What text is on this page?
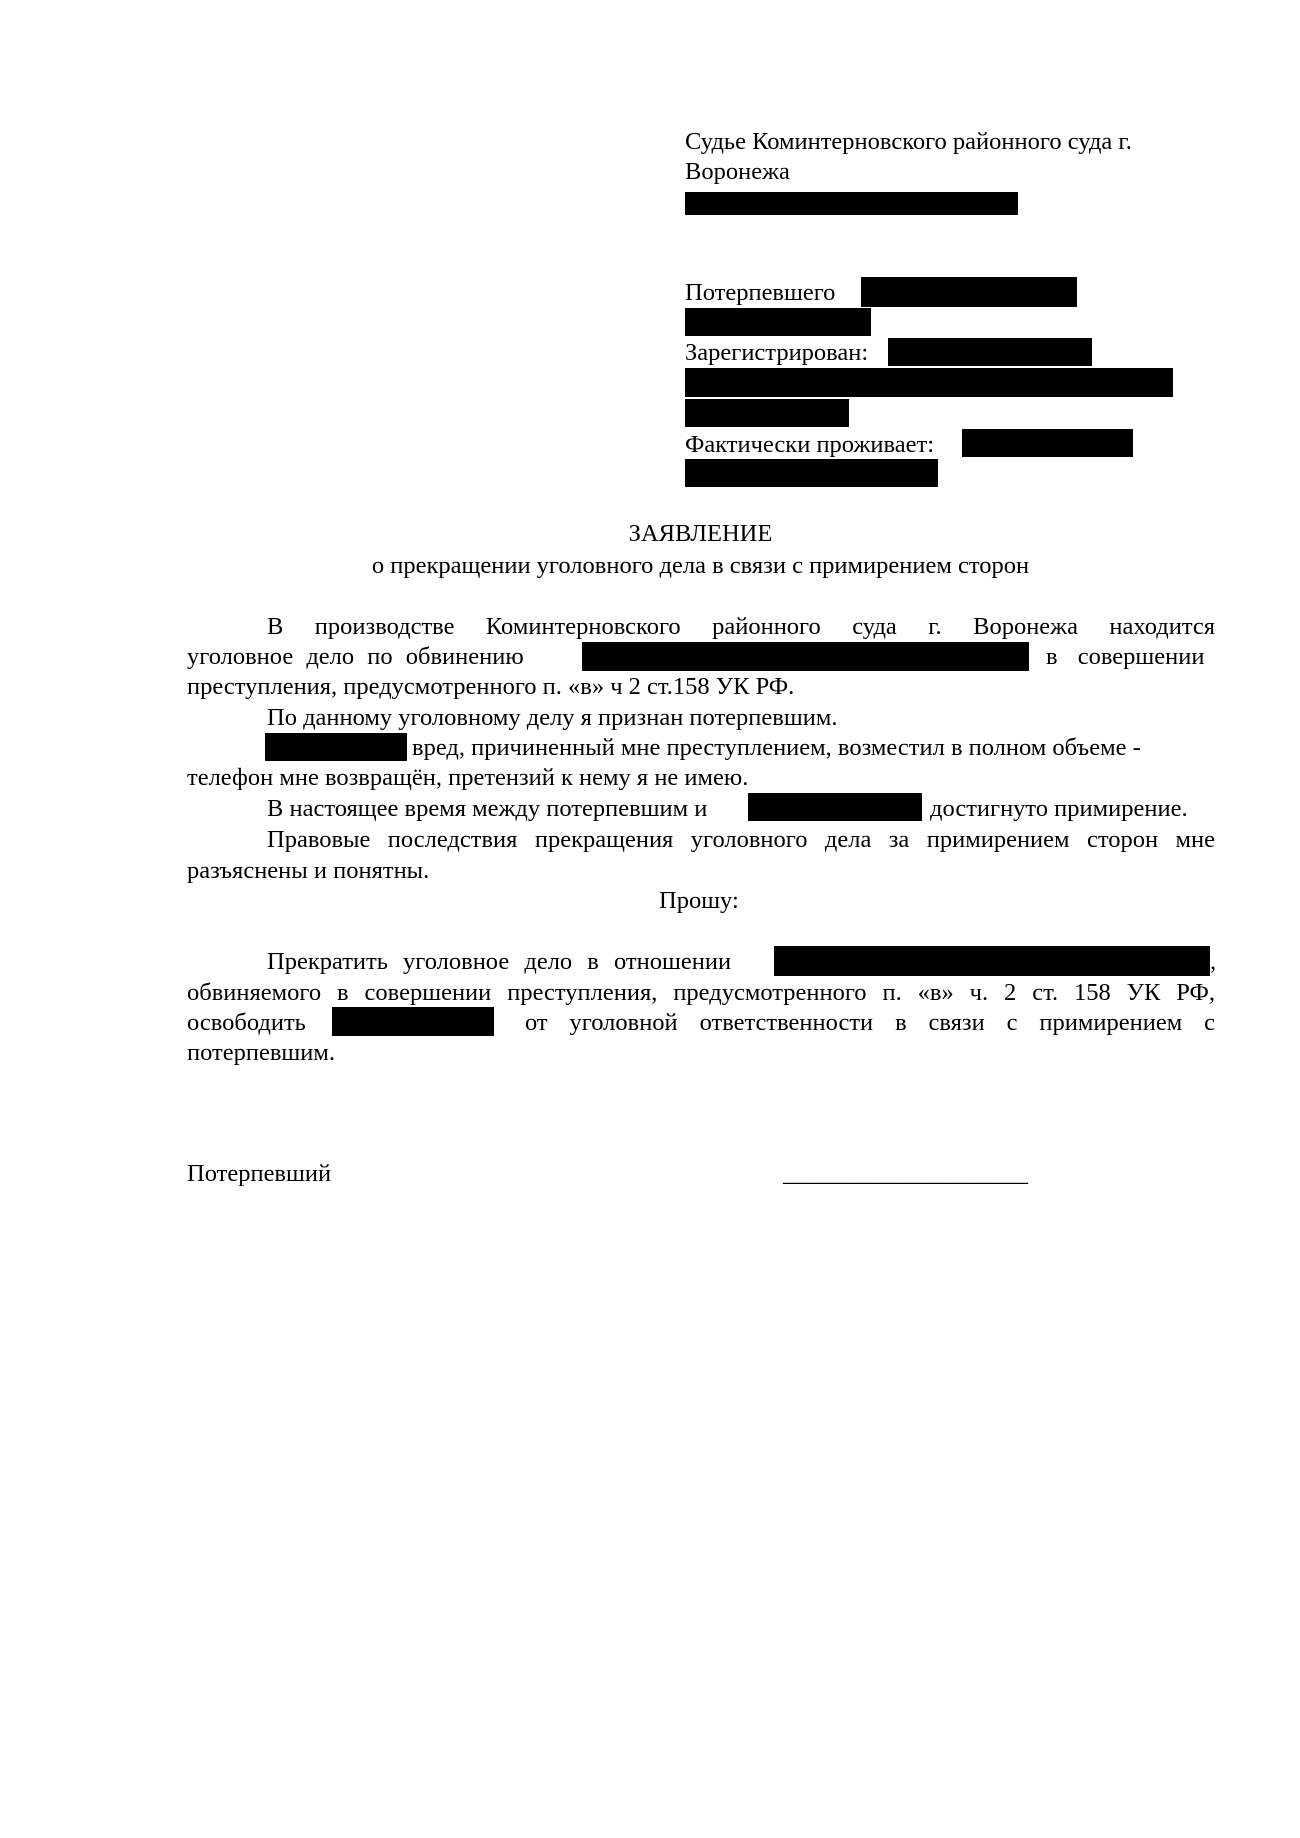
Судье Коминтерновского районного суда г.
Воронежа
Потерпевшего
Зарегистрирован:
Фактически проживает:
ЗАЯВЛЕНИЕ
о прекращении уголовного дела в связи с примирением сторон
В производстве Коминтерновского районного суда г. Воронежа находится
уголовное дело по обвинению	в совершении
преступления, предусмотренного п. «в» ч 2 ст.158 УК РФ.
По данному уголовному делу я признан потерпевшим.
вред, причиненный мне преступлением, возместил в полном объеме -
телефон мне возвращён, претензий к нему я не имею.
В настоящее время между потерпевшим и	достигнуто примирение.
Правовые последствия прекращения уголовного дела за примирением сторон мне
разъяснены и понятны.
Прошу:
Прекратить уголовное дело в отношении	,
обвиняемого в совершении преступления, предусмотренного п. «в» ч. 2 ст. 158 УК РФ,
освободить	от уголовной ответственности в связи с примирением с
потерпевшим.
Потерпевший	____________________
